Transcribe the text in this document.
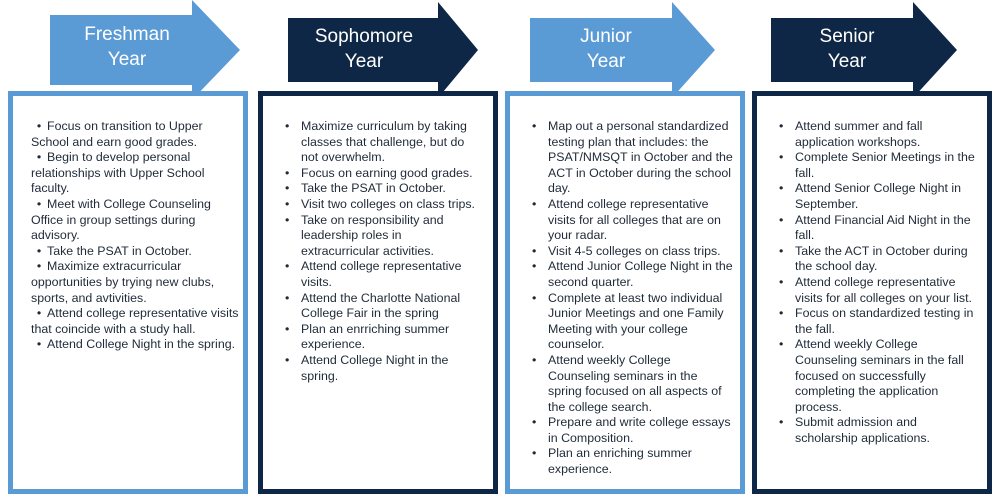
Freshman
Year
• Focus on transition to Upper School and earn good grades.
• Begin to develop personal relationships with Upper School faculty.
• Meet with College Counseling Office in group settings during advisory.
• Take the PSAT in October.
• Maximize extracurricular opportunities by trying new clubs, sports, and avtivities.
• Attend college representative visits that coincide with a study hall.
• Attend College Night in the spring.
Sophomore
Year
• Maximize curriculum by taking classes that challenge, but do not overwhelm.
• Focus on earning good grades.
• Take the PSAT in October.
• Visit two colleges on class trips.
• Take on responsibility and leadership roles in extracurricular activities.
• Attend college representative visits.
• Attend the Charlotte National College Fair in the spring
• Plan an enrriching summer experience.
• Attend College Night in the spring.
Junior
Year
• Map out a personal standardized testing plan that includes: the PSAT/NMSQT in October and the ACT in October during the school day.
• Attend college representative visits for all colleges that are on your radar.
• Visit 4-5 colleges on class trips.
• Attend Junior College Night in the second quarter.
• Complete at least two individual Junior Meetings and one Family Meeting with your college counselor.
• Attend weekly College Counseling seminars in the spring focused on all aspects of the college search.
• Prepare and write college essays in Composition.
• Plan an enriching summer experience.
Senior
Year
• Attend summer and fall application workshops.
• Complete Senior Meetings in the fall.
• Attend Senior College Night in September.
• Attend Financial Aid Night in the fall.
• Take the ACT in October during the school day.
• Attend college representative visits for all colleges on your list.
• Focus on standardized testing in the fall.
• Attend weekly College Counseling seminars in the fall focused on successfully completing the application process.
• Submit admission and scholarship applications.
